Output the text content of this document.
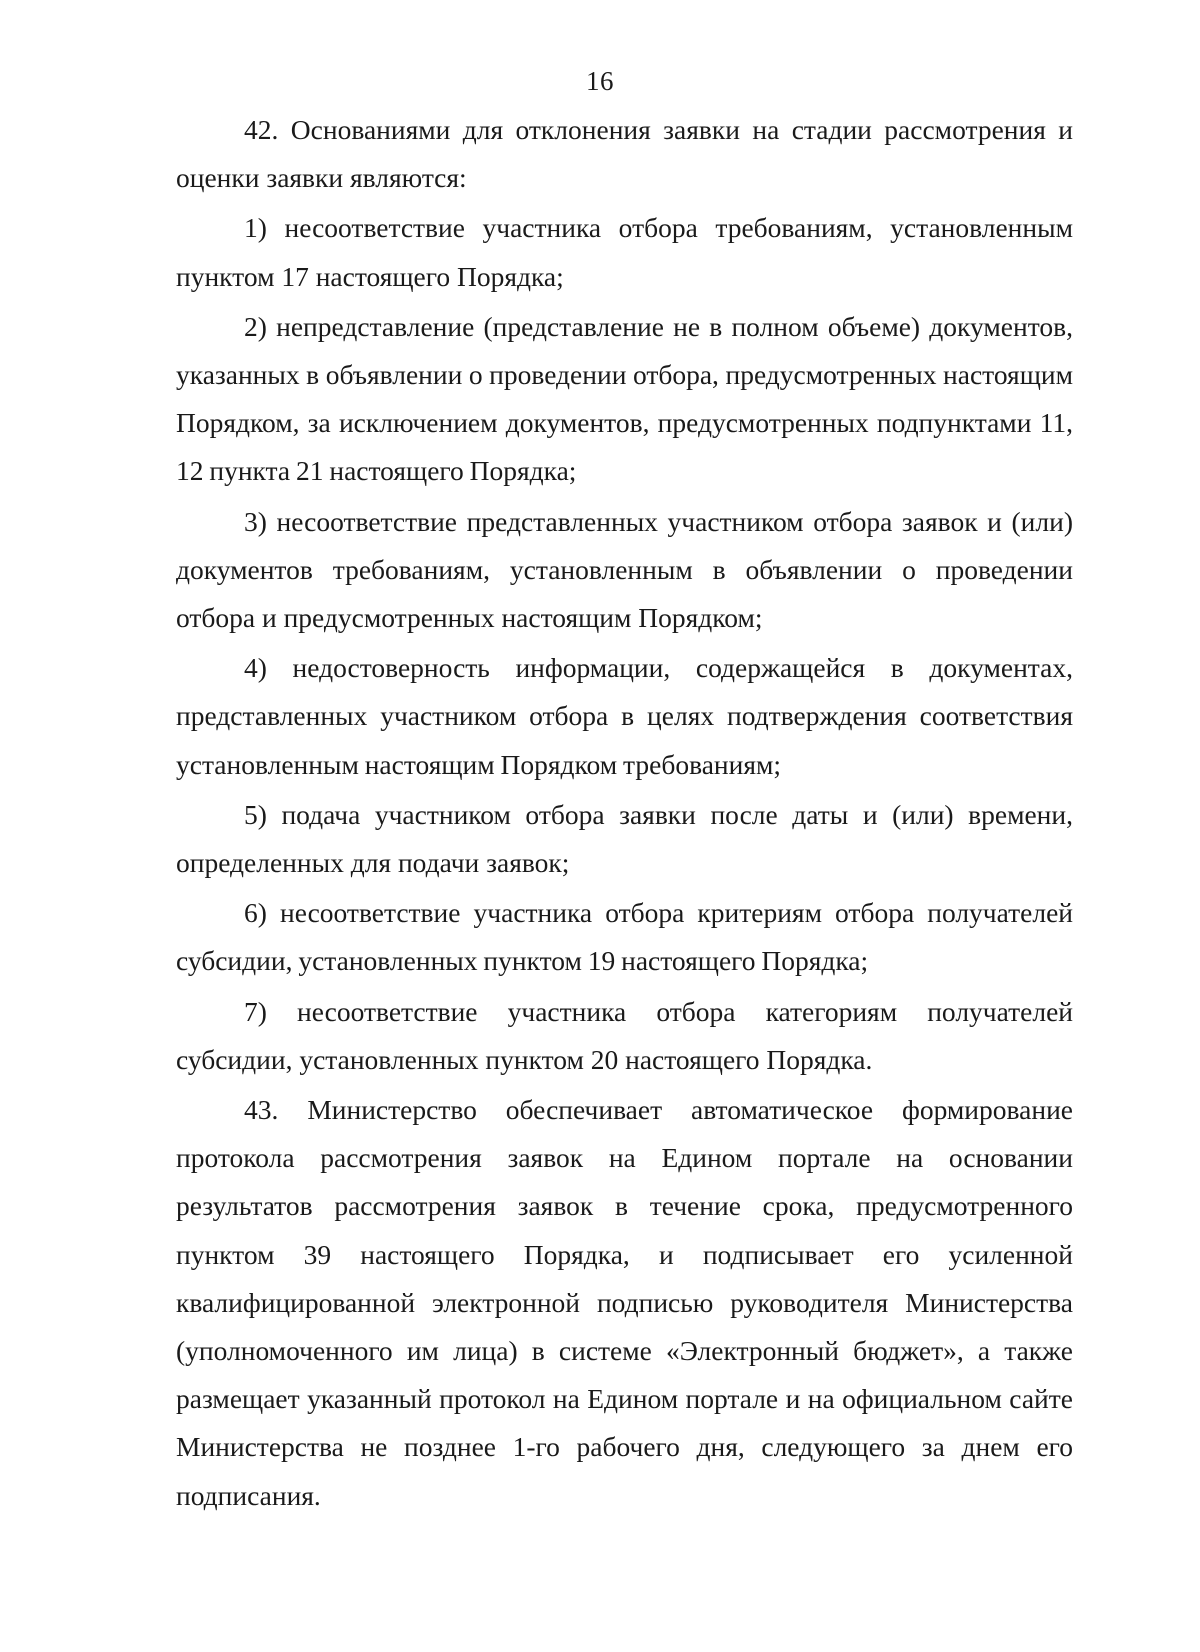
16

42. Основаниями для отклонения заявки на стадии рассмотрения и оценки заявки являются:

1) несоответствие участника отбора требованиям, установленным пунктом 17 настоящего Порядка;

2) непредставление (представление не в полном объеме) документов, указанных в объявлении о проведении отбора, предусмотренных настоящим Порядком, за исключением документов, предусмотренных подпунктами 11, 12 пункта 21 настоящего Порядка;

3) несоответствие представленных участником отбора заявок и (или) документов требованиям, установленным в объявлении о проведении отбора и предусмотренных настоящим Порядком;

4) недостоверность информации, содержащейся в документах, представленных участником отбора в целях подтверждения соответствия установленным настоящим Порядком требованиям;

5) подача участником отбора заявки после даты и (или) времени, определенных для подачи заявок;

6) несоответствие участника отбора критериям отбора получателей субсидии, установленных пунктом 19 настоящего Порядка;

7) несоответствие участника отбора категориям получателей субсидии, установленных пунктом 20 настоящего Порядка.

43. Министерство обеспечивает автоматическое формирование протокола рассмотрения заявок на Едином портале на основании результатов рассмотрения заявок в течение срока, предусмотренного пунктом 39 настоящего Порядка, и подписывает его усиленной квалифицированной электронной подписью руководителя Министерства (уполномоченного им лица) в системе «Электронный бюджет», а также размещает указанный протокол на Едином портале и на официальном сайте Министерства не позднее 1-го рабочего дня, следующего за днем его подписания.
